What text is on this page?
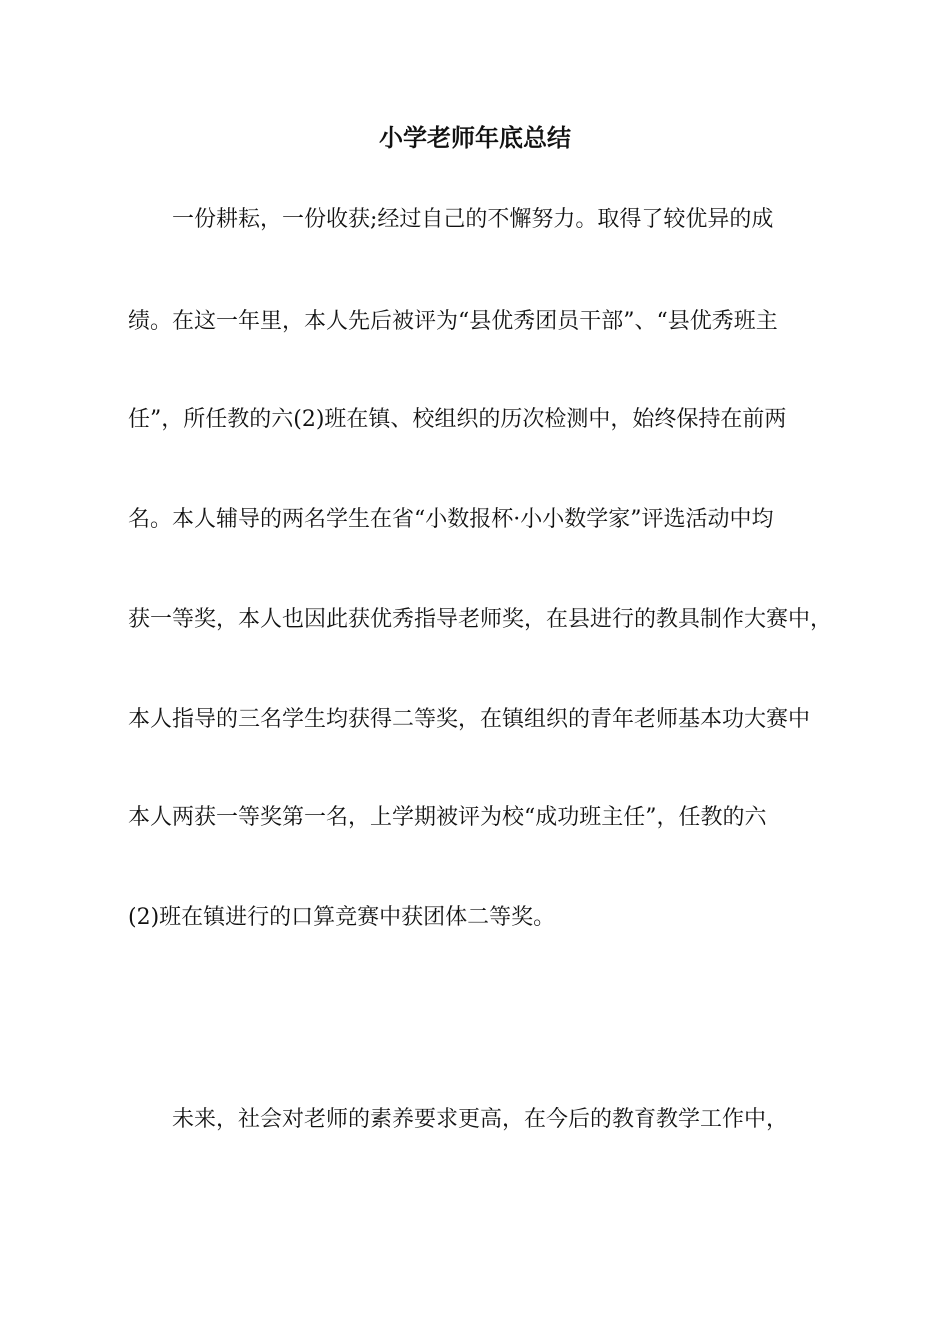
小学老师年底总结
　　一份耕耘，一份收获;经过自己的不懈努力。取得了较优异的成
绩。在这一年里，本人先后被评为“县优秀团员干部”、“县优秀班主
任”，所任教的六(2)班在镇、校组织的历次检测中，始终保持在前两
名。本人辅导的两名学生在省“小数报杯·小小数学家”评选活动中均
获一等奖，本人也因此获优秀指导老师奖，在县进行的教具制作大赛中，
本人指导的三名学生均获得二等奖，在镇组织的青年老师基本功大赛中
本人两获一等奖第一名，上学期被评为校“成功班主任”，任教的六
(2)班在镇进行的口算竞赛中获团体二等奖。
　　未来，社会对老师的素养要求更高，在今后的教育教学工作中，
